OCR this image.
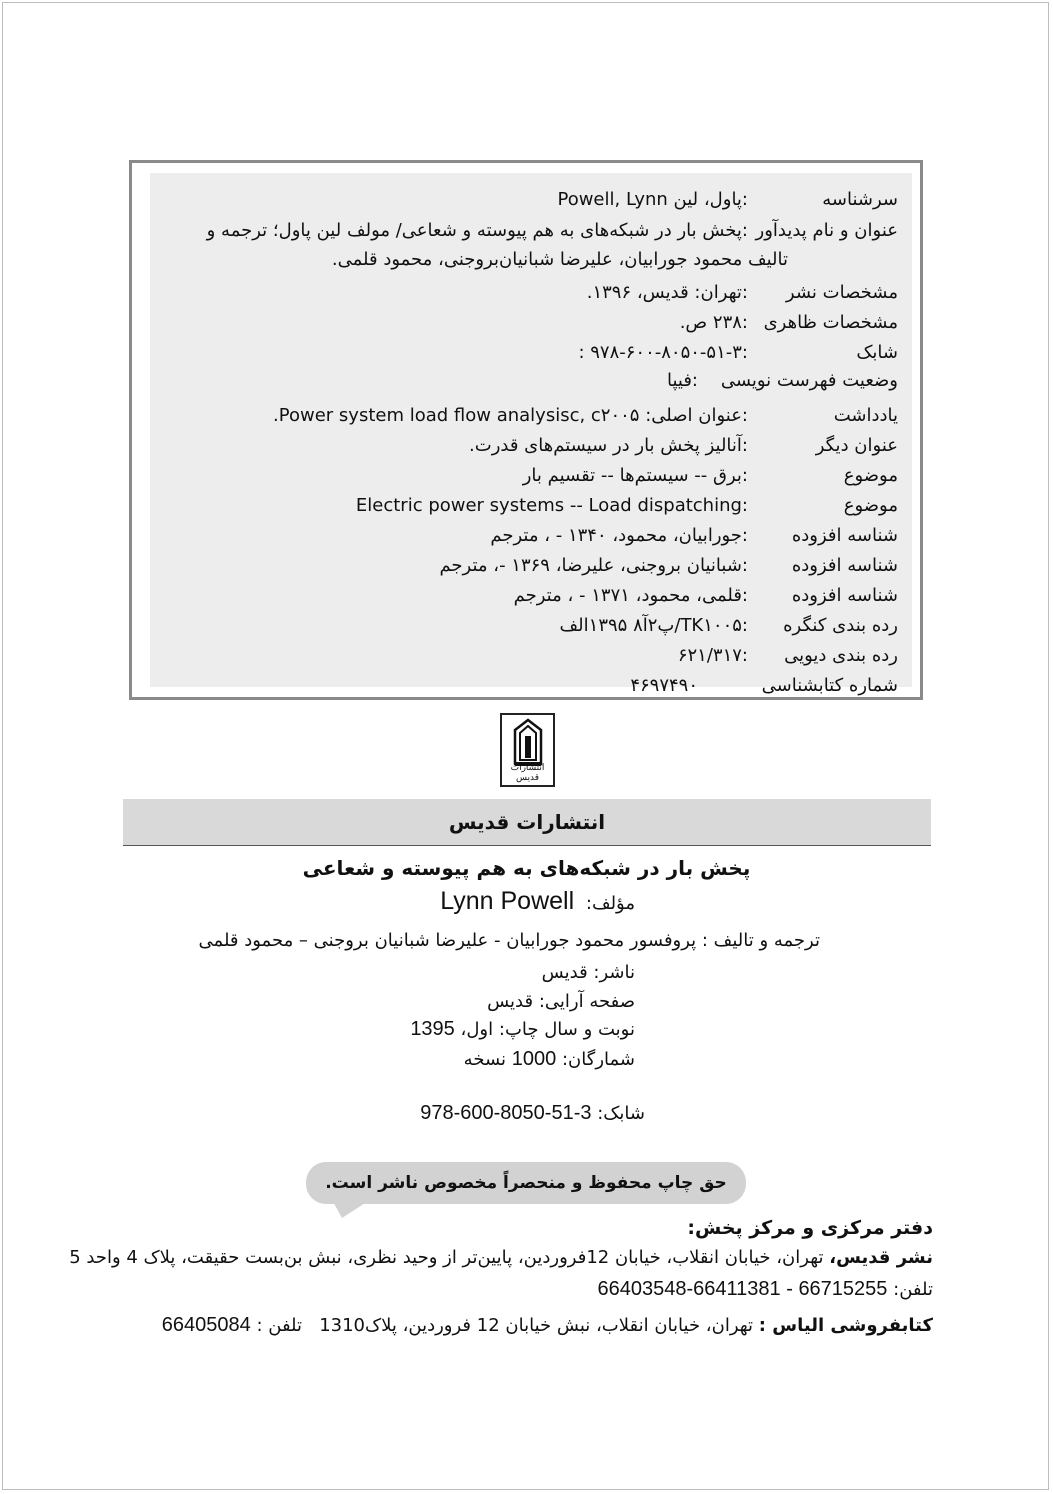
سرشناسه
:پاول، لین Powell, Lynn
عنوان و نام پدیدآور
:پخش بار در شبکه‌های به هم پیوسته و شعاعی/ مولف لین پاول؛ ترجمه و
تالیف محمود جورابیان، علیرضا شبانیان‌بروجنی، محمود قلمی.
مشخصات نشر
:تهران: قدیس، ۱۳۹۶.
مشخصات ظاهری
:۲۳۸ ص.
شابک
:۹۷۸-۶۰۰-۸۰۵۰-۵۱-۳ :
وضعیت فهرست نویسی
:فیپا
یادداشت
:عنوان اصلی: Power system load flow analysisc, c۲۰۰۵.
عنوان دیگر
:آنالیز پخش بار در سیستم‌های قدرت.
موضوع
:برق -- سیستم‌ها -- تقسیم بار
موضوع
:Electric power systems -- Load dispatching
شناسه افزوده
:جورابیان، محمود، ۱۳۴۰ - ، مترجم
شناسه افزوده
:شبانیان بروجنی، علیرضا، ۱۳۶۹ -، مترجم
شناسه افزوده
:قلمی، محمود، ۱۳۷۱ - ، مترجم
رده بندی کنگره
:TK۱۰۰۵/پ۲آ۸ ۱۳۹۵الف
رده بندی دیویی
:۶۲۱/۳۱۷
شماره کتابشناسی
۴۶۹۷۴۹۰
انتشارات قدیس
انتشارات قدیس
پخش بار در شبکه‌های به هم پیوسته و شعاعی
مؤلف: Lynn Powell
ترجمه و تالیف : پروفسور محمود جورابیان - علیرضا شبانیان بروجنی – محمود قلمی
ناشر: قدیس
صفحه آرایی: قدیس
نوبت و سال چاپ: اول، 1395
شمارگان: 1000 نسخه
شابک: 978-600-8050-51-3
حق چاپ محفوظ و منحصراً مخصوص ناشر است.
دفتر مرکزی و مرکز پخش:
نشر قدیس، تهران، خیابان انقلاب، خیابان 12فروردین، پایین‌تر از وحید نظری، نبش بن‌بست حقیقت، پلاک 4 واحد 5
تلفن: 66715255 - 66411381-66403548
کتابفروشی الیاس : تهران، خیابان انقلاب، نبش خیابان 12 فروردین، پلاک1310   تلفن : 66405084
